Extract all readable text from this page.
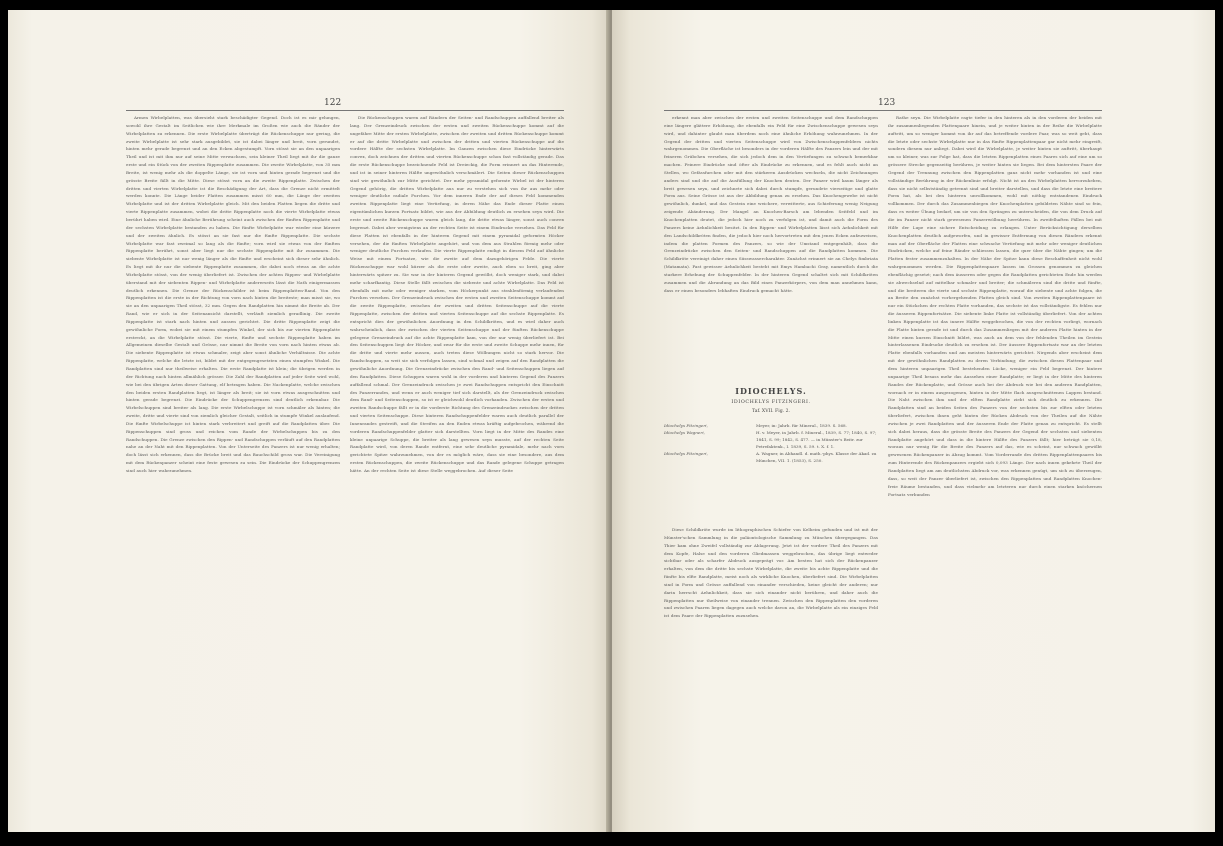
122

Armen Wirbelplatten, was übersieht stark beschädigter Gegend. Doch ist es mir gelungen, sowohl ihre Gestalt im Seitlichen wie ihre Merkmale im Großen wie auch die Ränder der Wirbelplatten zu erkennen. Die erste Wirbelplatte überträgt die Rückenschuppe nur gering, die zweite Wirbelplatte ist sehr stark ausgebildet, sie ist dabei länger und breit, vorn gerundet, hinten mehr gerade begrenzt und an den Ecken abgestumpft. Vorn stösst sie an den unpaarigen Theil und ist mit ihm nur auf seine Mitte verwachsen, sein kleiner Theil liegt mit ihr die ganze erste und ein Stück von der zweiten Rippenplatte zusammen. Die zweite Wirbelplatte, von 35 mm Breite, ist wenig mehr als die doppelte Länge, sie ist vorn und hinten gerade begrenzt und die grösste Breite fällt in die Mitte. Diese stösst vorn an die zweite Rippenplatte. Zwischen der dritten und vierten Wirbelplatte ist die Beschädigung der Art, dass die Grenze nicht ermittelt werden konnte. Die Länge beider Platten zusammen misst 60 mm, die Länge der zweiten Wirbelplatte und ist der dritten Wirbelplatte gleich. Mit den beiden Platten liegen die dritte und vierte Rippenplatte zusammen, wobei die dritte Rippenplatte noch die vierte Wirbelplatte etwas berührt haben wird. Eine ähnliche Berührung scheint auch zwischen der fünften Rippenplatte und der sechsten Wirbelplatte bestanden zu haben. Die fünfte Wirbelplatte war wieder eine kürzere und der zweiten ähnlich. Es stösst an sie fast nur die fünfte Rippenplatte. Die sechste Wirbelplatte war fast zweimal so lang als die fünfte; vorn wird sie etwas von der fünften Rippenplatte berührt, sonst aber liegt nur die sechste Rippenplatte mit ihr zusammen. Die siebente Wirbelplatte ist nur wenig länger als die fünfte und erscheint sich dieser sehr ähnlich. Es liegt mit ihr nur die siebente Rippenplatte zusammen, die dabei noch etwas an die achte Wirbelplatte stösst, von der wenig überliefert ist. Zwischen der achten Rippen- und Wirbelplatte überstand mit der siebenten Rippen- und Wirbelplatte andererseits lässt die Nath einigermassen deutlich erkennen. Die Grenze der Rückenschilder ist beim Rippenplatten-Rand. Von den Rippenplatten ist die erste in der Richtung von vorn nach hinten die breiteste; man misst sie, wo sie an den unpaarigen Theil stösst, 32 mm. Gegen den Randplatten hin nimmt die Breite ab. Der Rand, wie er sich in der Seitenansicht darstellt, verläuft ziemlich geradlinig. Die zweite Rippenplatte ist stark nach hinten und aussen gerichtet. Die dritte Rippenplatte zeigt die gewöhnliche Form, wobei sie mit einem stumpfen Winkel, der sich bis zur vierten Rippenplatte erstreckt, an die Wirbelplatte stösst. Die vierte, fünfte und sechste Rippenplatte haben im Allgemeinen dieselbe Gestalt und Grösse, nur nimmt die Breite von vorn nach hinten etwas ab. Die siebente Rippenplatte ist etwas schmaler, zeigt aber sonst ähnliche Verhältnisse. Die achte Rippenplatte, welche die letzte ist, bildet mit der entgegengesetzten einen stumpfen Winkel. Die Randplatten sind nur theilweise erhalten. Die erste Randplatte ist klein; die übrigen werden in der Richtung nach hinten allmählich grösser. Die Zahl der Randplatten auf jeder Seite wird wohl, wie bei den übrigen Arten dieser Gattung, elf betragen haben. Die Nackenplatte, welche zwischen den beiden ersten Randplatten liegt, ist länger als breit; sie ist vorn etwas ausgeschnitten und hinten gerade begrenzt. Die Eindrücke der Schuppengrenzen sind deutlich erkennbar. Die Wirbelschuppen sind breiter als lang. Die erste Wirbelschuppe ist vorn schmäler als hinten; die zweite, dritte und vierte sind von ziemlich gleicher Gestalt, seitlich in stumpfe Winkel auslaufend. Die fünfte Wirbelschuppe ist hinten stark verbreitert und greift auf die Randplatten über. Die Rippenschuppen sind gross und reichen vom Rande der Wirbelschuppen bis zu den Randschuppen. Die Grenze zwischen den Rippen- und Randschuppen verläuft auf den Randplatten nahe an der Naht mit den Rippenplatten. Von der Unterseite des Panzers ist nur wenig erhalten; doch lässt sich erkennen, dass die Brücke breit und das Bauchschild gross war. Die Vereinigung mit dem Rückenpanzer scheint eine feste gewesen zu sein. Die Eindrücke der Schuppengrenzen sind auch hier wahrzunehmen.

Die Rückenschuppen waren auf Rändern der Seiten- und Randschuppen auffallend breiter als lang. Der Grenzeindruck zwischen der ersten und zweiten Rückenschuppe kommt auf die ungefähre Mitte der ersten Wirbelplatte, zwischen der zweiten und dritten Rückenschuppe kommt er auf die dritte Wirbelplatte und zwischen der dritten und vierten Rückenschuppe auf die vordere Hälfte der sechsten Wirbelplatte. Im Ganzen zwischen diese Eindrücke hinterwärts convex, doch zeichnen der dritten und vierten Rückenschuppe schon fast vollständig gerade. Das die erste Rückenschuppe bezeichnende Feld ist Dreieckig, die Form erinnert an das Hinterende, und ist in seiner hinteren Hälfte ungewöhnlich verschmälert. Die Seiten dieser Rückenschuppen sind wie gewöhnlich zur Mitte gerichtet. Der mehr pyramidal geformte Wirbel ist der hinteren Gegend gehörig, die dritten Wirbelplatte aus nur zu verstehen sich von ihr aus mehr oder weniger deutliche radiale Furchen. Vor dem inneren Ende der auf dieses Feld kommenden zweiten Rippenplatte liegt eine Vertiefung, in deren Nähe das Ende dieser Platte einen eigentümlichen kurzen Fortsatz bildet, wie aus der Abbildung deutlich zu ersehen seyn wird. Die erste und zweite Rückenschuppe waren gleich lang, die dritte etwas länger, sonst auch convex begrenzt. Dabei aber wenigstens an der rechten Seite ist einem Eindrucke versehen. Das Feld für diese Platten ist ebenfalls in der hinteren Gegend mit einem pyramidal geformten Höcker versehen, der die fünften Wirbelplatte angehört, und von dem aus Strahlen förmig mehr oder weniger deutliche Furchen verlaufen. Die vierte Rippenplatte endigt in diesem Feld auf ähnliche Weise mit einem Fortsatze, wie die zweite auf dem dazugehörigen Felde. Die vierte Rückenschuppe war wohl kürzer als die erste oder zweite, auch eben so breit, ging aber hinterwärts spitzer zu. Sie war in der hinteren Gegend gewölbt, doch weniger stark, und dabei mehr scharfkantig. Diese Stelle fällt zwischen die siebente und achte Wirbelplatte. Das Feld ist ebenfalls mit mehr oder weniger starken, vom Höckerpunkt aus strahlenförmig verlaufenden Furchen versehen. Der Grenzeindruck zwischen der ersten und zweiten Seitenschuppe kommt auf die zweite Rippenplatte, zwischen der zweiten und dritten Seitenschuppe auf die vierte Rippenplatte, zwischen der dritten und vierten Seitenschuppe auf die sechste Rippenplatte. Es entspricht dies der gewöhnlichen Anordnung in den Schildkröten, und es wird daher auch wahrscheinlich, dass der zwischen der vierten Seitenschuppe und der fünften Rückenschuppe gelegene Grenzeindruck auf die achte Rippenplatte kam, von der nur wenig überliefert ist. Bei den Seitenschuppen liegt der Höcker, und zwar für die erste und zweite Schuppe mehr innen, für die dritte und vierte mehr aussen, auch treten diese Wölbungen nicht so stark hervor. Die Randschuppen, so weit sie sich verfolgen lassen, sind schmal und zeigen auf den Randplatten die gewöhnliche Anordnung. Die Grenzeindrücke zwischen den Rand- und Seitenschuppen liegen auf den Randplatten. Diese Schuppen waren wohl in der vorderen und hinteren Gegend des Panzers auffallend schmal. Der Grenzeindruck zwischen je zwei Randschuppen entspricht den Einschnitt des Panzerrandes, und wenn er auch weniger tief sich darstellt, als der Grenzeindruck zwischen dem Rand- und Seitenschuppen, so ist er gleichwohl deutlich vorhanden. Zwischen der ersten und zweiten Randschuppe fällt er in die vorderste Richtung des Grenzeindruckes zwischen der dritten und vierten Seitenschuppe. Diese hinteren Randschuppenfelder waren auch deutlich parallel der Innenrandes gestreift, und die Streifen an den Enden etwas kräftig aufgebrochen, während die vorderen Randschuppenfelder glatter sich darstellten. Vorn liegt in der Mitte des Randes eine kleine unpaarige Schuppe, die breiter als lang gewesen seyn musste, auf der rechten Seite Randplatte wird, von deren Rande entfernt, eine sehr deutliche pyramidale, mehr nach vorn gerichtete Spitze wahrzunehmen, von der es möglich wäre, dass sie eine besondere, aus dem ersten Rückenschuppen, die zweite Rückenschuppe und das Rande gelegene Schuppe getragen hätte. An der rechten Seite ist diese Stelle weggebrochen. Auf dieser Seite

123

erkennt man aber zwischen der ersten und zweiten Seitenschuppe und dem Randschuppen eine längere glättere Erhöhung, die ebenfalls ein Feld für eine Zwischenschuppe gewesen seyn wird, und dahinter glaubt man überdem noch eine ähnliche Erhöhung wahrzunehmen. In der Gegend der dritten und vierten Seitenschuppe wird von Zwischenschuppenfeldern nichts wahrgenommen. Die Oberfläche ist besonders in der vorderen Hälfte des Panzers lein und der mit feineren Grübchen versehen, die sich jedoch dem in den Vertiefungen zu schwach bemerkbar machen. Feinere Eindrücke sind öfter als Eindrücke zu erkennen, und es fehlt auch nicht an Stellen, wo Gefässfurchen oder mit den stärkeren Ausdrücken wechseln, die nicht Zeichnungen anders sind und die auf die Ausfüllung der Knochen deuten. Der Panzer wird kaum länger als breit gewesen seyn, und zeichnete sich dabei durch stumpfe, gerundete vierseitige und glatte Form aus. Seine Grösse ist aus der Abbildung genau zu ersehen. Das Knochengewebe ist nicht gewöhnlich, dunkel, und das Gestein eine weichere, verwitterte, aus Schieferung wenig Neigung zeigende Abänderung. Der Mangel an Knochen-Barsch am lebenden Seitfeld und im Knochenplatten deutet, die jedoch hier noch zu verfolgen ist, und damit auch die Form des Panzers keine Aehnlichkeit besitzt. In den Rippen- und Wirbelplatten lässt sich Aehnlichkeit mit den Landschildkröten finden, die jedoch hier noch hervortreten mit den jenen Ecken aufzuweisen, indem die platten Formen des Panzers, so wie der Umstand entgegenhält, dass die Grenzeindrücke zwischen den Seiten- und Randschuppen auf die Randplatten kommen. Die Schildkröte vereinigt daher einen Süsswassercharakter. Zunächst erinnert sie an Chelys fimbriata (Matamata). Fast gewisser Aehnlichkeit besteht mit Emys Hambachi Gray, namentlich durch die starkere Erhebung der Schuppenfelder. In der hinteren Gegend schaltet sich mit Schildkröten zusammen und die Abrundung an das Bild eines Panzerkörpers, von dem man annehmen kann, dass er einen besonders lebhaften Eindruck gemacht hätte.

IDIOCHELYS.
IDIOCHELYS FITZINGERI.
Taf. XVII. Fig. 2.
Idiochelys Fitzingeri,	Meyer, in: Jahrb. für Mineral., 1839. S. 568.
Idiochelys Wagneri,	H. v. Meyer, in Jahrb. f. Mineral., 1839, S. 77; 1840, S. 97; 1841, S. 99; 1842, S. 477. — in Münster's Beitr. zur Petrefaktenk., I. 1839, S. 59. t. X. f. 1.
Idiochelys Fitzingeri,	A. Wagner, in Abhandl. d. math.-phys. Klasse der Akad. zu München, VII. 1. (1853), S. 250.

Diese Schildkröte wurde im lithographischen Schiefer von Kelheim gefunden und ist mit der Münster'schen Sammlung in die paläontologische Sammlung zu München übergegangen. Das Thier kam ohne Zweifel vollständig zur Ablagerung. Jetzt ist der vordere Theil des Panzers mit dem Kopfe, Halse und den vorderen Gliedmassen weggebrochen, das übrige liegt entweder sichtbar oder als scharfer Abdruck ausgeprägt vor. Am besten hat sich der Rückenpanzer erhalten, von dem die dritte bis sechste Wirbelplatte, die zweite bis achte Rippenplatte und die fünfte bis elfte Randplatte, meist noch als wirkliche Knochen, überliefert sind. Die Wirbelplatten sind in Form und Grösse auffallend von einander verschieden, keine gleicht der anderen; nur darin herrscht Aehnlichkeit, dass sie sich einander nicht berühren, und daher auch die Rippenplatten nur theilweise von einander trennen. Zwischen den Rippenplatten den vorderen und zwischen Paaren liegen dagegen auch welche davon an, die Wirbelplatte als ein einziges Feld ist dem Paare der Rippenplatten zuzusehen.

Rathe seyn. Die Wirbelplatte ragte tiefer in den hinteren als in den vorderen der beiden mit ihr zusammenliegenden Plattenpaare hinein, und je weiter hinten in der Reihe die Wirbelplatte auftritt, um so weniger kommt von ihr auf das betreffende vordere Paar, was so weit geht, dass die letzte oder sechste Wirbelplatte nur in das fünfte Rippenplattenpaar gar nicht mehr eingreift, sondern diesem nur anliegt. Dabei wird die Wirbelplatte, je weiter hinten sie auftritt, überhaupt um so kleiner, was zur Folge hat, dass die letzten Rippenplatten eines Paares sich auf eine um so grössere Strecke gegenseitig berühren, je weiter hinten sie liegen. Bei dem hintersten Paare der Gegend der Trennung zwischen den Rippenplatten ganz nicht mehr vorhanden ist und eine vollständige Berührung in der Rückenlinie erfolgt. Nicht ist an den Wirbelplatten hervorzuheben, dass sie nicht selbstständig getrennt sind und breiter darstellen, und dass die letzte eine breitere Form hat, als bei den hinteren unvollkommen, wohl mit nöthig entstandenen Eindruck vollkommen. Der durch das Zusammenbiegen der Knochenplatten gebildeten Nähte sind so fein, dass es weiter Übung bedarf, um sie von den Sprüngen zu unterscheiden, die von dem Druck auf die im Panzer nicht stark gewesenen Panzerwölbung herrühren. In zweifelhaften Fällen bei mit Hilfe der Lupe eine sichere Entscheidung zu erlangen. Unter Berücksichtigung derselben Knochenplatten deutlich aufgeworfen, und in gewisser Entfernung von diesen Rändern erkennt man auf der Oberfläche der Platten eine schwache Vertiefung mit mehr oder weniger deutlichen Eindrücken, welche auf feine Ränder schliessen lassen, die quer über die Nähte gingen; um die Platten fester zusammenzuhalten. In der Nähe der Spitze kann diese Beschaffenheit nicht wohl wahrgenommen werden. Die Rippenplattenpaare lassen im Grossen genommen zu gleichen ebenflächig gesetzt; nach dem äusseren oder gegen die Randplatten gerichteten Ende hin werden sie abwechselnd auf mittelbar schmaler und breiter; die schmäleren sind die dritte und fünfte, und die breiteren die vierte und sechste Rippenplatte, worauf die siebente und achte folgen, die an Breite den zunächst vorhergehenden Platten gleich sind. Von zweiten Rippenplattenpaare ist nur ein Stückchen der rechten Platte vorhanden, das sechste ist das vollständigste. Es fehlen nur die äusseren Rippenfortsätze. Die siebente linke Platte ist vollständig überliefert. Von der achten linken Rippenplatte ist das innere Hälfte weggebrochen, die von der rechten vorliegt, wornach die Platte hinten gerade ist und durch das Zusammenliegen mit der anderen Platte hinten in der Mitte einen kurzen Einschnitt bildet, was auch an dem von der fehlenden Theilen im Gestein hinterlassenen Eindrucke deutlich zu ersehen ist. Der äussere Rippenfortsatz war an der letzten Platte ebenfalls vorhanden und am meisten hinterwärts gerichtet. Nirgends aber erscheint dem mit der gewöhnlichen Randplatten zu deren Verbindung; die zwischen diesen Plattenpaar und dem hinteren unpaarigen Theil bestehenden Lücke, weniger ein Feld begrenzt. Der hintere unpaarige Theil besass mehr das Aussehen einer Randplatte; er liegt in der Mitte des hinteren Randes der Rückenplatte, und Grösse auch bei der Abdruck wie bei den anderen Randplatten, wornach er in einem ausgezogenen, hinten in der Mitte flach ausgeschnittenen Lappen bestand. Die Naht zwischen ihm und der elften Randplatte zieht sich deutlich zu erkennen. Die Randplatten sind an beiden Seiten des Panzers von der sechsten bis zur elften oder letzten überliefert, zwischen ihnen geht hinten der Rücken Abdruck von der Theilen auf die Nähte zwischen je zwei Randplatten und der äusseren Ende der Platte genau zu entspricht. Es stellt sich dabei heraus, dass die grösste Breite des Panzers der Gegend der sechsten und siebenten Randplatte angehört und dass in die hintere Hälfte des Panzers fällt; hier beträgt sie 0,18, woraus nur wenig für die Breite des Panzers auf das, wie es scheint, nur schwach gewölbt gewesenen Rückenpanzer in Abzug kommt. Vom Vorderrande des dritten Rippenplattenpaares bis zum Hinterende des Rückenpanzers ergiebt sich 0,093 Länge. Der nach innen gekehrte Theil der Randplatten liegt am am deutlichsten Abdruck vor, was erkennen genügt, um sich zu überzeugen, dass, so weit der Panzer überliefert ist, zwischen den Rippenplatten und Randplatten Knochen-freie Räume bestanden, und dass vielmehr am letzteren nur durch einen starken knöchernen Fortsatz verbunden
